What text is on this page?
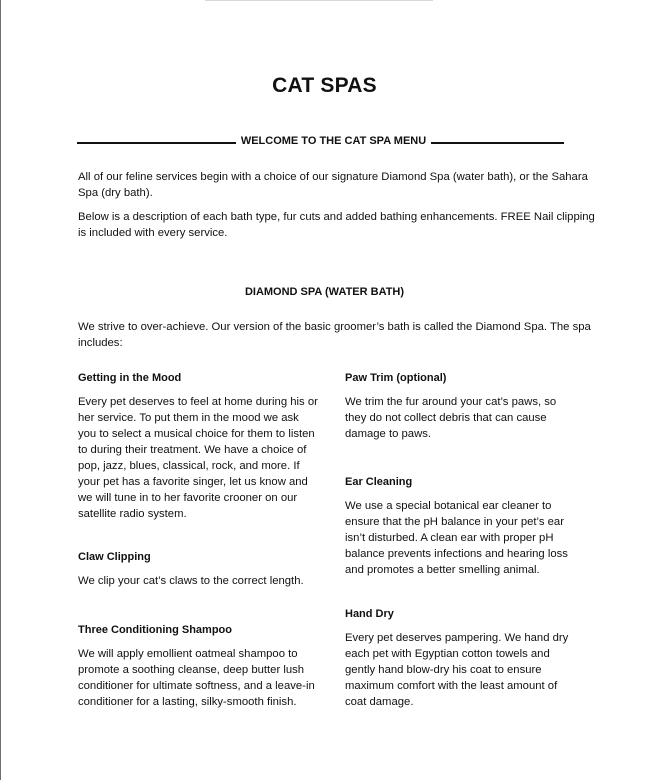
CAT SPAS
WELCOME TO THE CAT SPA MENU

All of our feline services begin with a choice of our signature Diamond Spa (water bath), or the Sahara Spa (dry bath).

Below is a description of each bath type, fur cuts and added bathing enhancements. FREE Nail clipping is included with every service.

DIAMOND SPA (WATER BATH)

We strive to over-achieve. Our version of the basic groomer’s bath is called the Diamond Spa. The spa includes:

Getting in the Mood

Every pet deserves to feel at home during his or her service. To put them in the mood we ask you to select a musical choice for them to listen to during their treatment. We have a choice of pop, jazz, blues, classical, rock, and more. If your pet has a favorite singer, let us know and we will tune in to her favorite crooner on our satellite radio system.

Claw Clipping

We clip your cat’s claws to the correct length.

Three Conditioning Shampoo

We will apply emollient oatmeal shampoo to promote a soothing cleanse, deep butter lush conditioner for ultimate softness, and a leave-in conditioner for a lasting, silky-smooth finish.

Paw Trim (optional)

We trim the fur around your cat’s paws, so they do not collect debris that can cause damage to paws.

Ear Cleaning

We use a special botanical ear cleaner to ensure that the pH balance in your pet’s ear isn’t disturbed. A clean ear with proper pH balance prevents infections and hearing loss and promotes a better smelling animal.

Hand Dry

Every pet deserves pampering. We hand dry each pet with Egyptian cotton towels and gently hand blow-dry his coat to ensure maximum comfort with the least amount of coat damage.
